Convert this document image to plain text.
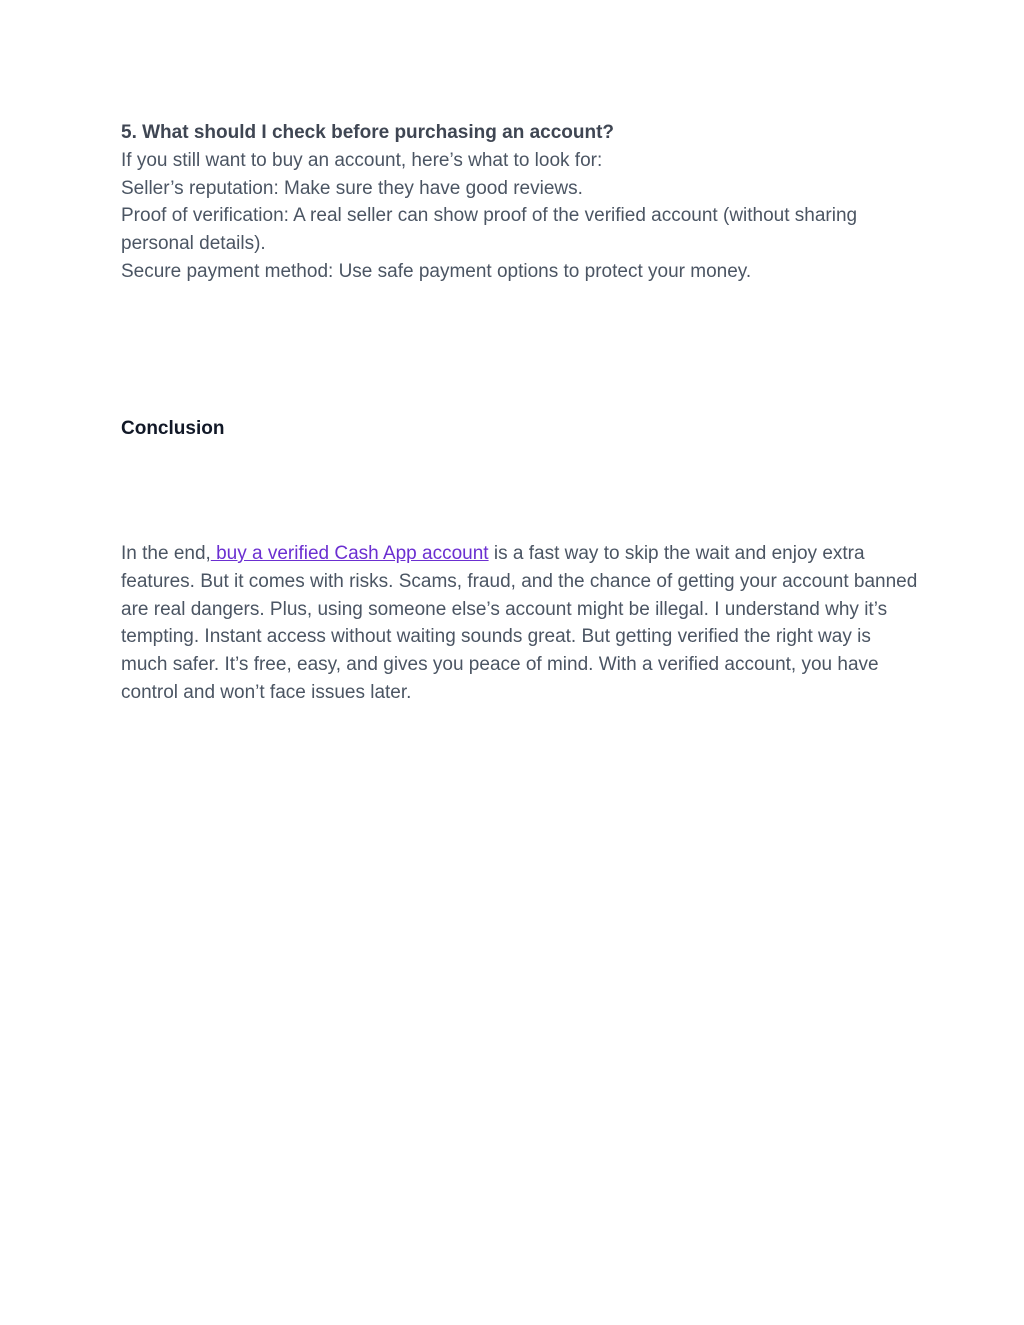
5. What should I check before purchasing an account?

If you still want to buy an account, here’s what to look for:

Seller’s reputation: Make sure they have good reviews.

Proof of verification: A real seller can show proof of the verified account (without sharing personal details).

Secure payment method: Use safe payment options to protect your money.

Conclusion

In the end, buy a verified Cash App account is a fast way to skip the wait and enjoy extra features. But it comes with risks. Scams, fraud, and the chance of getting your account banned are real dangers. Plus, using someone else’s account might be illegal. I understand why it’s tempting. Instant access without waiting sounds great. But getting verified the right way is much safer. It’s free, easy, and gives you peace of mind. With a verified account, you have control and won’t face issues later.
